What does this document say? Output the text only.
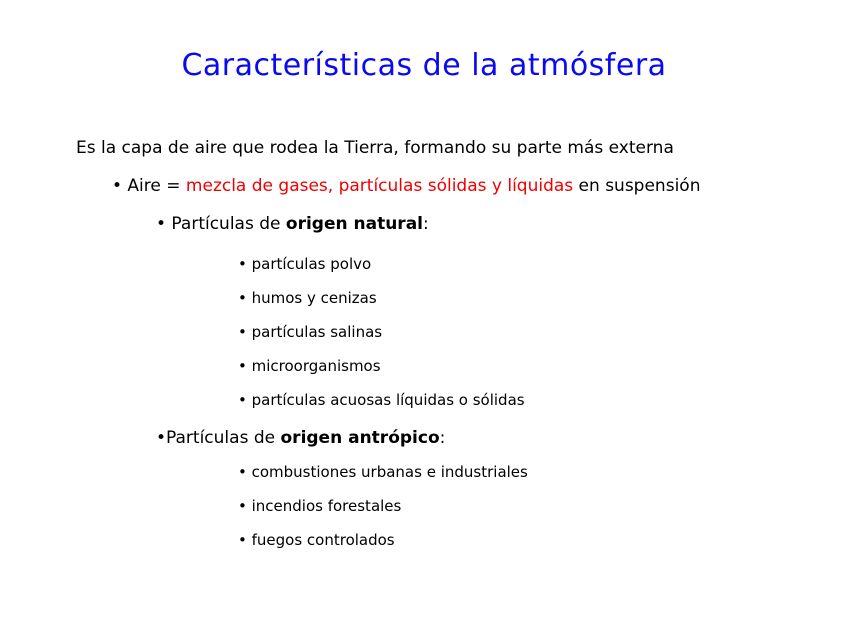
Características de la atmósfera
Es la capa de aire que rodea la Tierra, formando su parte más externa
• Aire = mezcla de gases, partículas sólidas y líquidas en suspensión
• Partículas de origen natural:
• partículas polvo
• humos y cenizas
• partículas salinas
• microorganismos
• partículas acuosas líquidas o sólidas
•Partículas de origen antrópico:
• combustiones urbanas e industriales
• incendios forestales
• fuegos controlados
